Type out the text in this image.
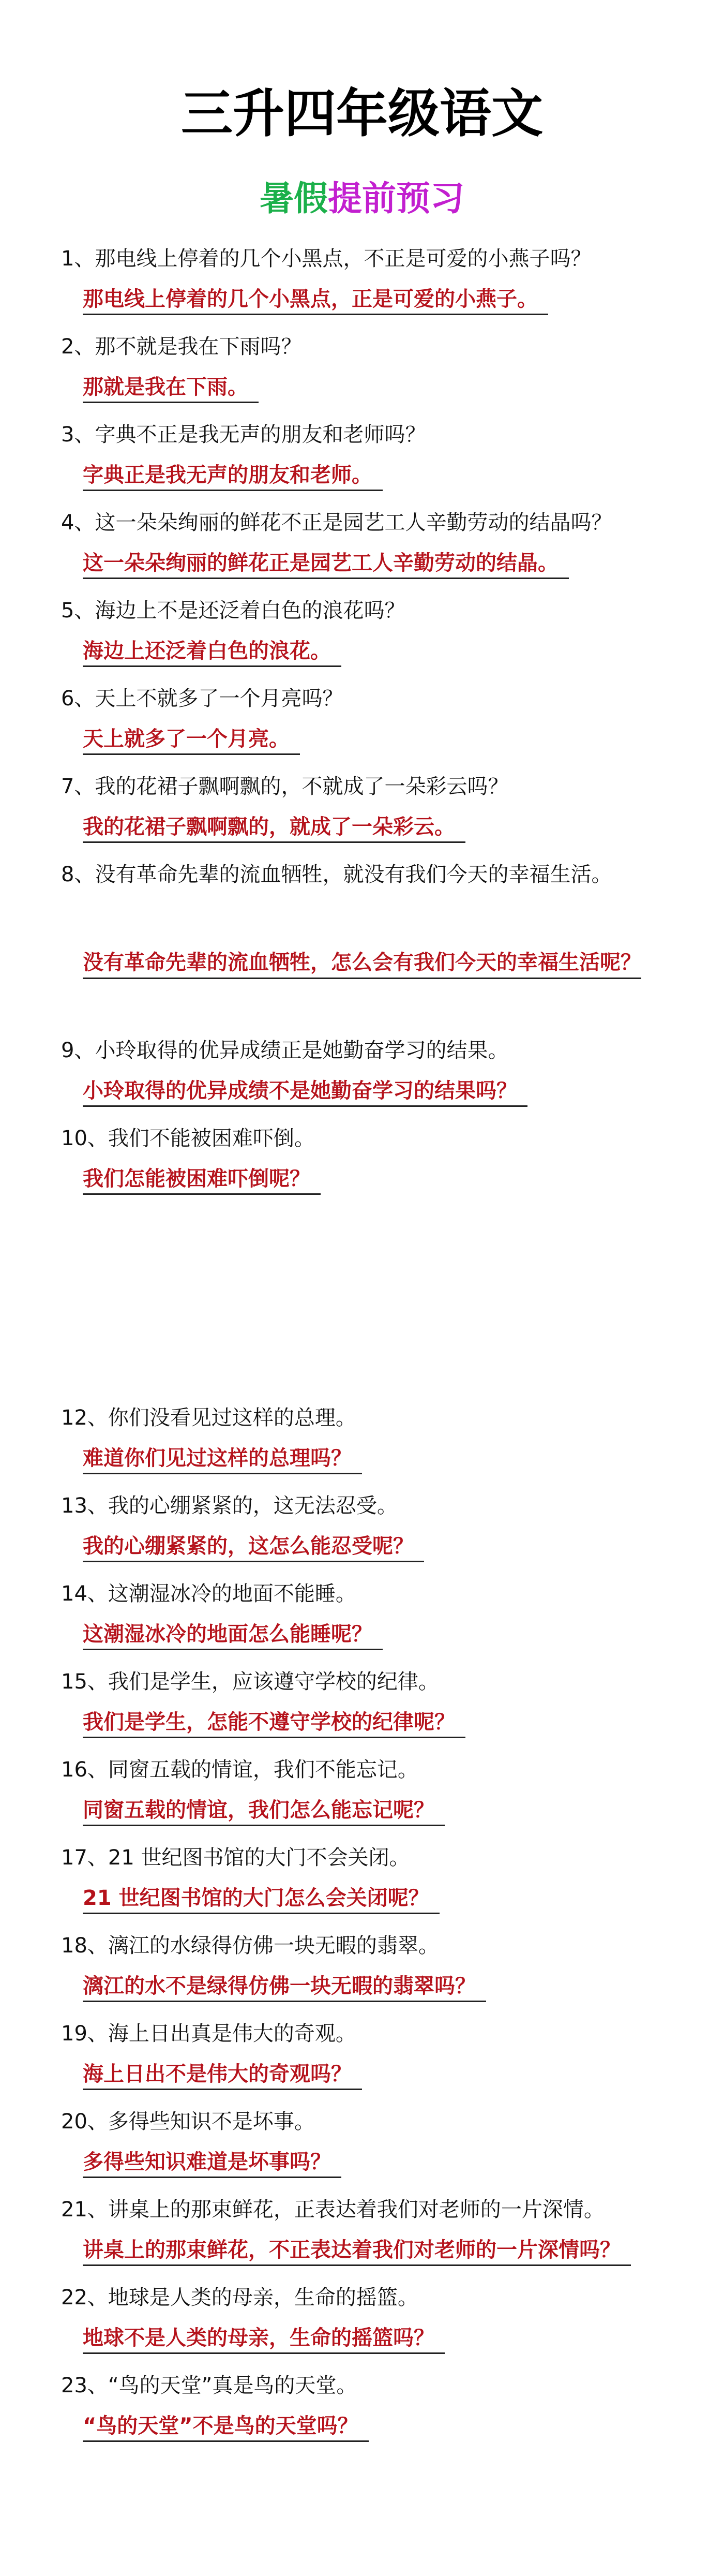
三升四年级语文
暑假提前预习
1、那电线上停着的几个小黑点，不正是可爱的小燕子吗？
那电线上停着的几个小黑点，正是可爱的小燕子。
2、那不就是我在下雨吗？
那就是我在下雨。
3、字典不正是我无声的朋友和老师吗？
字典正是我无声的朋友和老师。
4、这一朵朵绚丽的鲜花不正是园艺工人辛勤劳动的结晶吗？
这一朵朵绚丽的鲜花正是园艺工人辛勤劳动的结晶。
5、海边上不是还泛着白色的浪花吗？
海边上还泛着白色的浪花。
6、天上不就多了一个月亮吗？
天上就多了一个月亮。
7、我的花裙子飘啊飘的，不就成了一朵彩云吗？
我的花裙子飘啊飘的，就成了一朵彩云。
8、没有革命先辈的流血牺牲，就没有我们今天的幸福生活。
没有革命先辈的流血牺牲，怎么会有我们今天的幸福生活呢？
9、小玲取得的优异成绩正是她勤奋学习的结果。
小玲取得的优异成绩不是她勤奋学习的结果吗？
10、我们不能被困难吓倒。
我们怎能被困难吓倒呢？
12、你们没看见过这样的总理。
难道你们见过这样的总理吗？
13、我的心绷紧紧的，这无法忍受。
我的心绷紧紧的，这怎么能忍受呢？
14、这潮湿冰冷的地面不能睡。
这潮湿冰冷的地面怎么能睡呢？
15、我们是学生，应该遵守学校的纪律。
我们是学生，怎能不遵守学校的纪律呢？
16、同窗五载的情谊，我们不能忘记。
同窗五载的情谊，我们怎么能忘记呢？
17、21 世纪图书馆的大门不会关闭。
21 世纪图书馆的大门怎么会关闭呢？
18、漓江的水绿得仿佛一块无暇的翡翠。
漓江的水不是绿得仿佛一块无暇的翡翠吗？
19、海上日出真是伟大的奇观。
海上日出不是伟大的奇观吗？
20、多得些知识不是坏事。
多得些知识难道是坏事吗？
21、讲桌上的那束鲜花，正表达着我们对老师的一片深情。
讲桌上的那束鲜花，不正表达着我们对老师的一片深情吗？
22、地球是人类的母亲，生命的摇篮。
地球不是人类的母亲，生命的摇篮吗？
23、“鸟的天堂”真是鸟的天堂。
“鸟的天堂”不是鸟的天堂吗？
